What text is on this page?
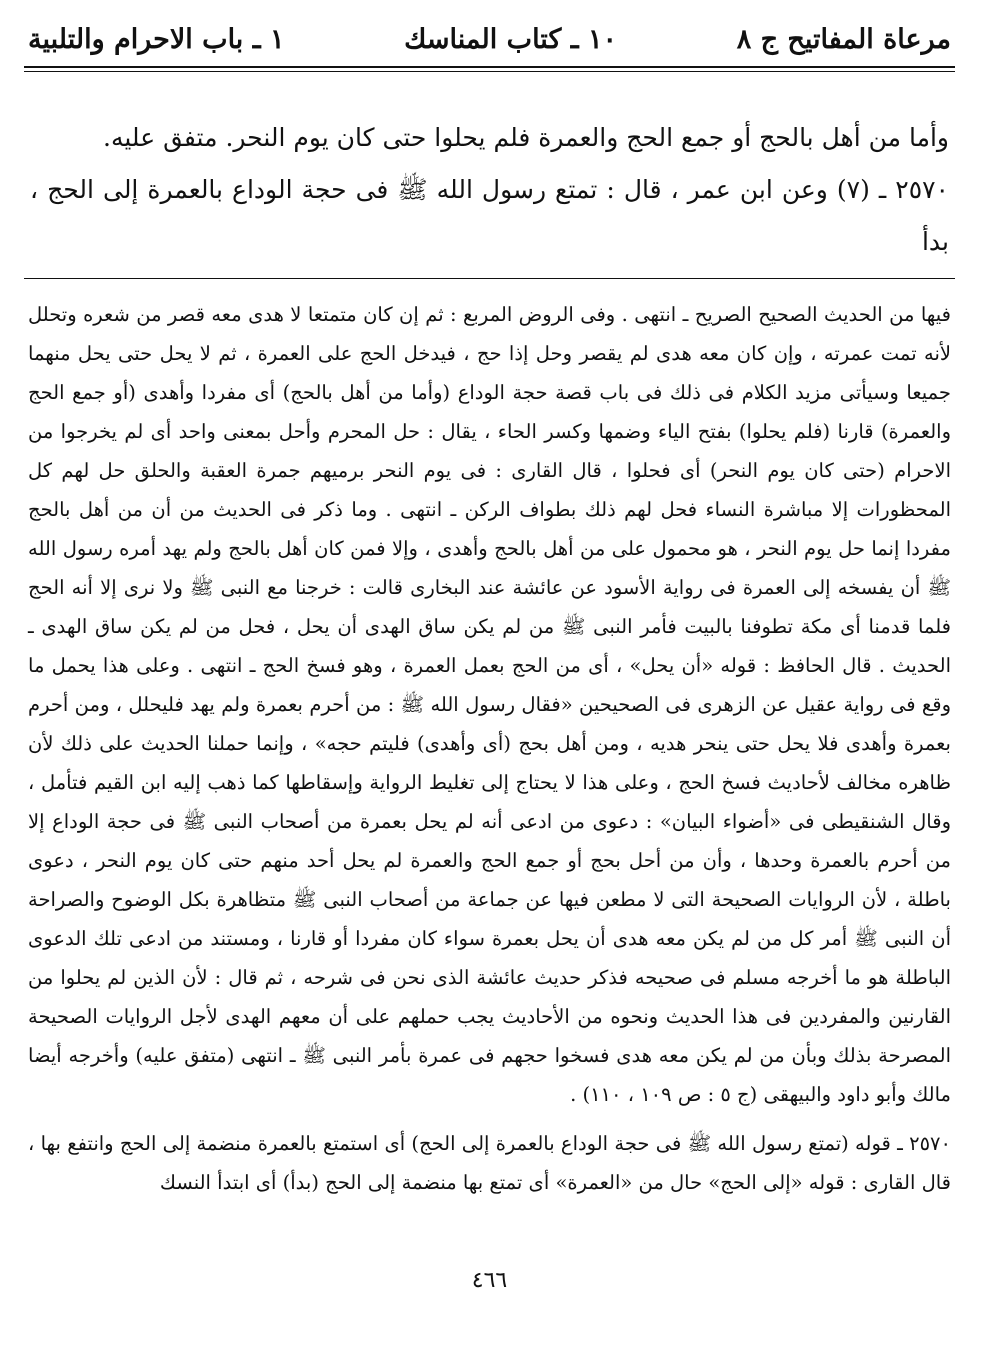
مرعاة المفاتيح ج ٨
١٠ ـ كتاب المناسك
١ ـ باب الاحرام والتلبية

وأما من أهل بالحج أو جمع الحج والعمرة فلم يحلوا حتى كان يوم النحر. متفق عليه.

٢٥٧٠ ـ (٧) وعن ابن عمر ، قال : تمتع رسول الله ﷺ فى حجة الوداع بالعمرة إلى الحج ، بدأ

فيها من الحديث الصحيح الصريح ـ انتهى . وفى الروض المربع : ثم إن كان متمتعا لا هدى معه قصر من شعره وتحلل لأنه تمت عمرته ، وإن كان معه هدى لم يقصر وحل إذا حج ، فيدخل الحج على العمرة ، ثم لا يحل حتى يحل منهما جميعا وسيأتى مزيد الكلام فى ذلك فى باب قصة حجة الوداع (وأما من أهل بالحج) أى مفردا وأهدى (أو جمع الحج والعمرة) قارنا (فلم يحلوا) بفتح الياء وضمها وكسر الحاء ، يقال : حل المحرم وأحل بمعنى واحد أى لم يخرجوا من الاحرام (حتى كان يوم النحر) أى فحلوا ، قال القارى : فى يوم النحر برميهم جمرة العقبة والحلق حل لهم كل المحظورات إلا مباشرة النساء فحل لهم ذلك بطواف الركن ـ انتهى . وما ذكر فى الحديث من أن من أهل بالحج مفردا إنما حل يوم النحر ، هو محمول على من أهل بالحج وأهدى ، وإلا فمن كان أهل بالحج ولم يهد أمره رسول الله ﷺ أن يفسخه إلى العمرة فى رواية الأسود عن عائشة عند البخارى قالت : خرجنا مع النبى ﷺ ولا نرى إلا أنه الحج فلما قدمنا أى مكة تطوفنا بالبيت فأمر النبى ﷺ من لم يكن ساق الهدى أن يحل ، فحل من لم يكن ساق الهدى ـ الحديث . قال الحافظ : قوله «أن يحل» ، أى من الحج بعمل العمرة ، وهو فسخ الحج ـ انتهى . وعلى هذا يحمل ما وقع فى رواية عقيل عن الزهرى فى الصحيحين «فقال رسول الله ﷺ : من أحرم بعمرة ولم يهد فليحلل ، ومن أحرم بعمرة وأهدى فلا يحل حتى ينحر هديه ، ومن أهل بحج (أى وأهدى) فليتم حجه» ، وإنما حملنا الحديث على ذلك لأن ظاهره مخالف لأحاديث فسخ الحج ، وعلى هذا لا يحتاج إلى تغليط الرواية وإسقاطها كما ذهب إليه ابن القيم فتأمل ، وقال الشنقيطى فى «أضواء البيان» : دعوى من ادعى أنه لم يحل بعمرة من أصحاب النبى ﷺ فى حجة الوداع إلا من أحرم بالعمرة وحدها ، وأن من أحل بحج أو جمع الحج والعمرة لم يحل أحد منهم حتى كان يوم النحر ، دعوى باطلة ، لأن الروايات الصحيحة التى لا مطعن فيها عن جماعة من أصحاب النبى ﷺ متظاهرة بكل الوضوح والصراحة أن النبى ﷺ أمر كل من لم يكن معه هدى أن يحل بعمرة سواء كان مفردا أو قارنا ، ومستند من ادعى تلك الدعوى الباطلة هو ما أخرجه مسلم فى صحيحه فذكر حديث عائشة الذى نحن فى شرحه ، ثم قال : لأن الذين لم يحلوا من القارنين والمفردين فى هذا الحديث ونحوه من الأحاديث يجب حملهم على أن معهم الهدى لأجل الروايات الصحيحة المصرحة بذلك وبأن من لم يكن معه هدى فسخوا حجهم فى عمرة بأمر النبى ﷺ ـ انتهى (متفق عليه) وأخرجه أيضا مالك وأبو داود والبيهقى (ج ٥ : ص ١٠٩ ، ١١٠) .

٢٥٧٠ ـ قوله (تمتع رسول الله ﷺ فى حجة الوداع بالعمرة إلى الحج) أى استمتع بالعمرة منضمة إلى الحج وانتفع بها ، قال القارى : قوله «إلى الحج» حال من «العمرة» أى تمتع بها منضمة إلى الحج (بدأ) أى ابتدأ النسك

٤٦٦
